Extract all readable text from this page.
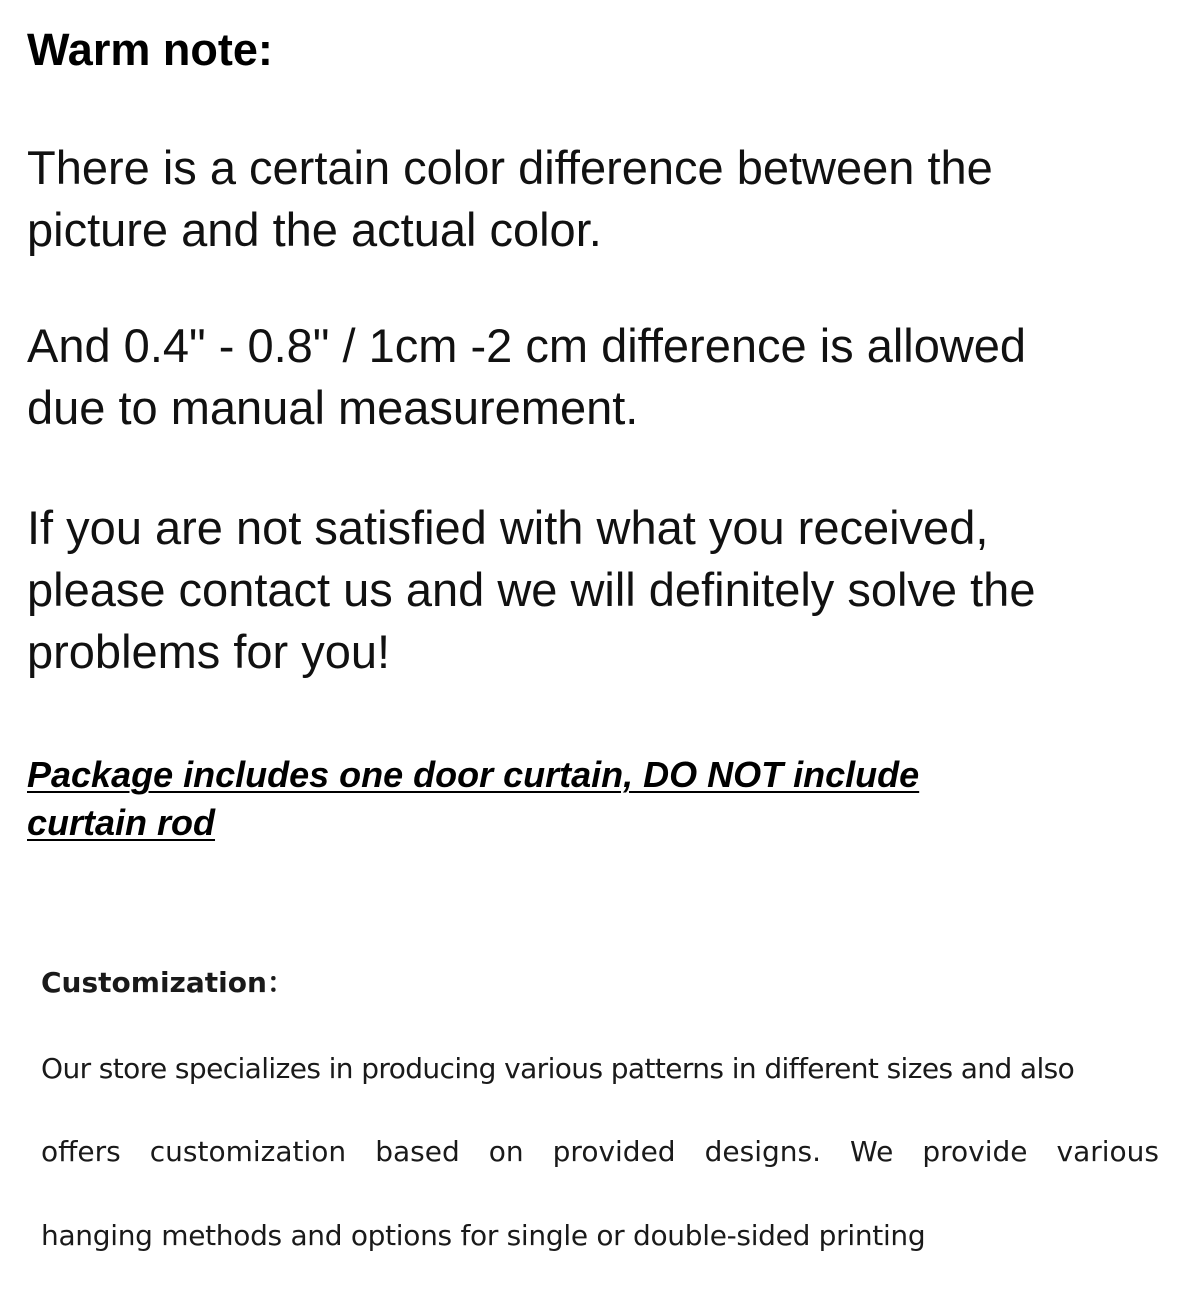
Warm note:

There is a certain color difference between the
picture and the actual color.

And 0.4" - 0.8" / 1cm -2 cm difference is allowed
due to manual measurement.

If you are not satisfied with what you received,
please contact us and we will definitely solve the
problems for you!

Package includes one door curtain, DO NOT include
curtain rod

Customization：

Our store specializes in producing various patterns in different sizes and also

offers customization based on provided designs. We provide various

hanging methods and options for single or double-sided printing
